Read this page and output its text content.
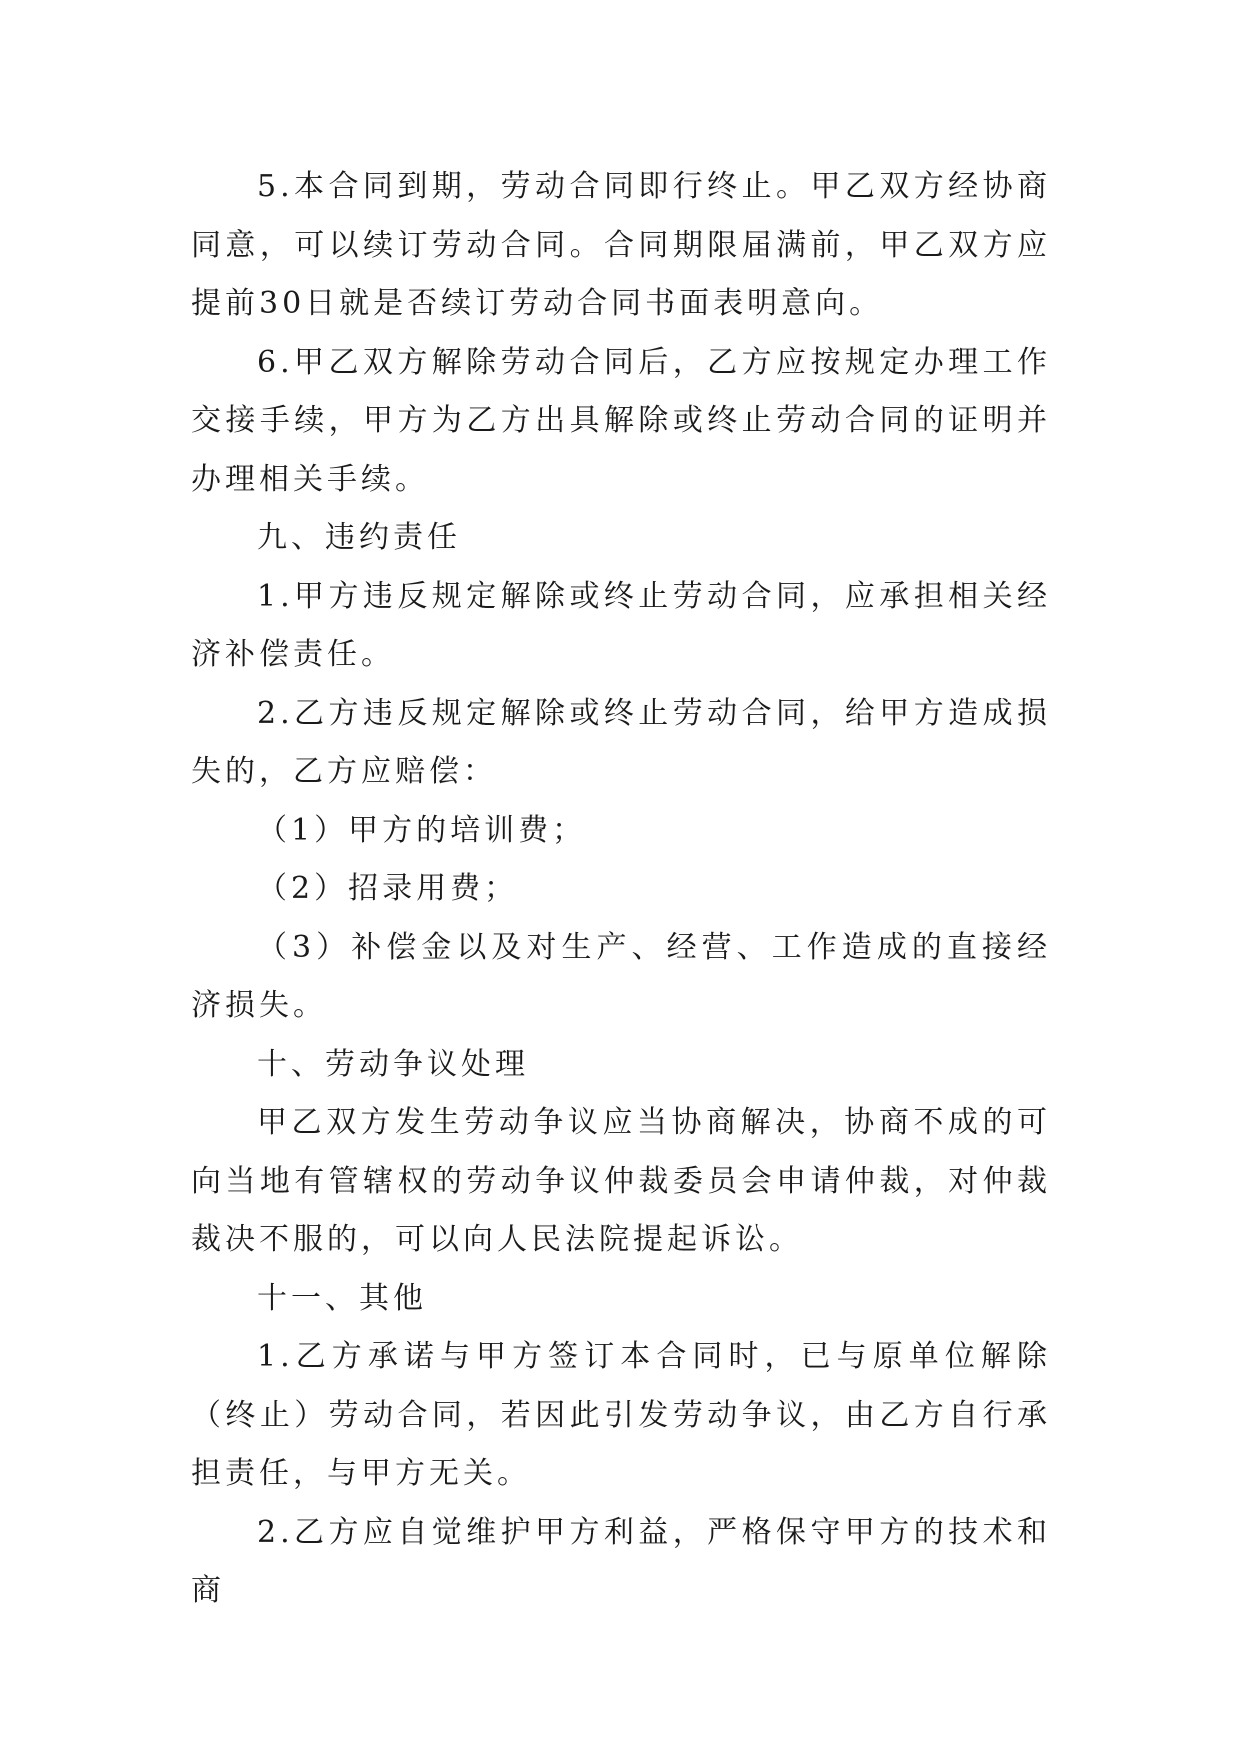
5.本合同到期，劳动合同即行终止。甲乙双方经协商同意，可以续订劳动合同。合同期限届满前，甲乙双方应提前30日就是否续订劳动合同书面表明意向。

6.甲乙双方解除劳动合同后，乙方应按规定办理工作交接手续，甲方为乙方出具解除或终止劳动合同的证明并办理相关手续。

九、违约责任

1.甲方违反规定解除或终止劳动合同，应承担相关经济补偿责任。

2.乙方违反规定解除或终止劳动合同，给甲方造成损失的，乙方应赔偿：

（1）甲方的培训费；

（2）招录用费；

（3）补偿金以及对生产、经营、工作造成的直接经济损失。

十、劳动争议处理

甲乙双方发生劳动争议应当协商解决，协商不成的可向当地有管辖权的劳动争议仲裁委员会申请仲裁，对仲裁裁决不服的，可以向人民法院提起诉讼。

十一、其他

1.乙方承诺与甲方签订本合同时，已与原单位解除（终止）劳动合同，若因此引发劳动争议，由乙方自行承担责任，与甲方无关。

2.乙方应自觉维护甲方利益，严格保守甲方的技术和商
